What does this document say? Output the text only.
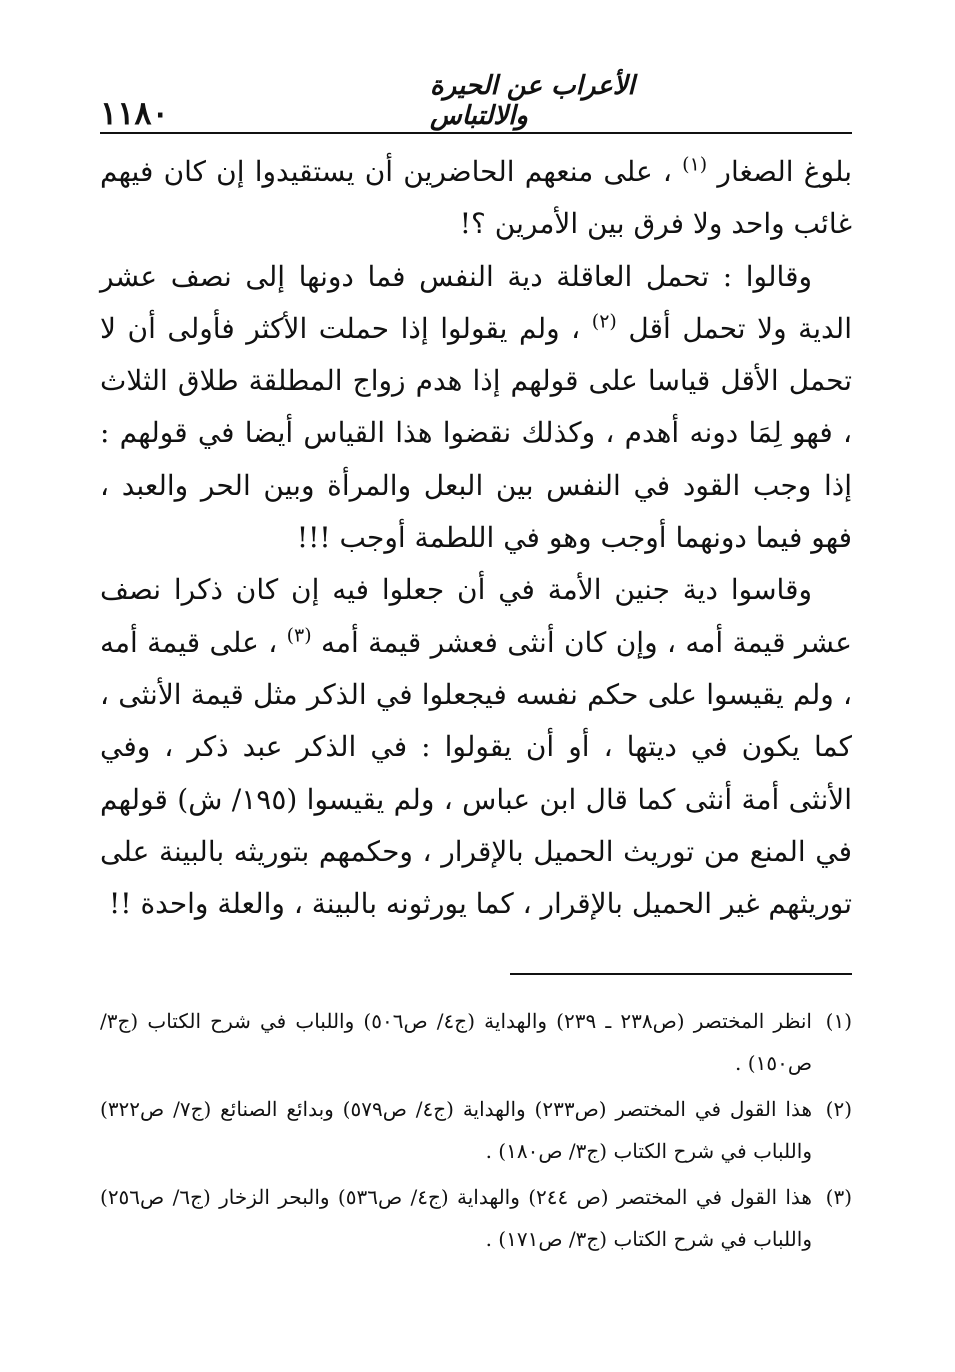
١١٨٠
الأعراب عن الحيرة والالتباس

بلوغ الصغار $^{(١)}$ ، على منعهم الحاضرين أن يستقيدوا إن كان فيهم غائب واحد ولا فرق بين الأمرين ؟!

وقالوا : تحمل العاقلة دية النفس فما دونها إلى نصف عشر الدية ولا تحمل أقل $^{(٢)}$ ، ولم يقولوا إذا حملت الأكثر فأولى أن لا تحمل الأقل قياسا على قولهم إذا هدم زواج المطلقة طلاق الثلاث ، فهو لِمَا دونه أهدم ، وكذلك نقضوا هذا القياس أيضا في قولهم : إذا وجب القود في النفس بين البعل والمرأة وبين الحر والعبد ، فهو فيما دونهما أوجب وهو في اللطمة أوجب !!!

وقاسوا دية جنين الأمة في أن جعلوا فيه إن كان ذكرا نصف عشر قيمة أمه ، وإن كان أنثى فعشر قيمة أمه $^{(٣)}$ ، على قيمة أمه ، ولم يقيسوا على حكم نفسه فيجعلوا في الذكر مثل قيمة الأنثى ، كما يكون في ديتها ، أو أن يقولوا : في الذكر عبد ذكر ، وفي الأنثى أمة أنثى كما قال ابن عباس ، ولم يقيسوا (١٩٥/ ش) قولهم في المنع من توريث الحميل بالإقرار ، وحكمهم بتوريثه بالبينة على توريثهم غير الحميل بالإقرار ، كما يورثونه بالبينة ، والعلة واحدة !!

(١)
انظر المختصر (ص٢٣٨ ـ ٢٣٩) والهداية (ج٤/ ص٥٠٦) واللباب في شرح الكتاب (ج٣/ ص١٥٠) .

(٢)
هذا القول في المختصر (ص٢٣٣) والهداية (ج٤/ ص٥٧٩) وبدائع الصنائع (ج٧/ ص٣٢٢) واللباب في شرح الكتاب (ج٣/ ص١٨٠) .

(٣)
هذا القول في المختصر (ص ٢٤٤) والهداية (ج٤/ ص٥٣٦) والبحر الزخار (ج٦/ ص٢٥٦) واللباب في شرح الكتاب (ج٣/ ص١٧١) .
